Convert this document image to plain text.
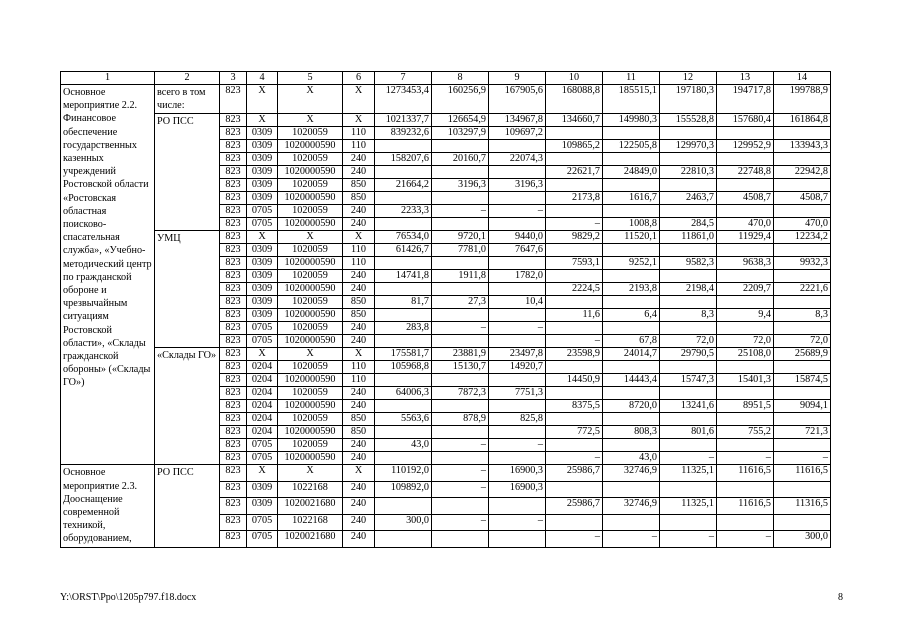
1	2	3	4	5	6	7	8	9	10	11	12	13	14
Основное мероприятие 2.2. Финансовое обеспечение государственных казенных учреждений Ростовской области «Ростовская областная поисково-спасательная служба», «Учебно-методический центр по гражданской обороне и чрезвычайным ситуациям Ростовской области», «Склады гражданской обороны» («Склады ГО»)	всего в том числе:	823	X	X	X	1273453,4	160256,9	167905,6	168088,8	185515,1	197180,3	194717,8	199788,9
	РО ПСС	823	X	X	X	1021337,7	126654,9	134967,8	134660,7	149980,3	155528,8	157680,4	161864,8
		823	0309	1020059	110	839232,6	103297,9	109697,2					
		823	0309	1020000590	110				109865,2	122505,8	129970,3	129952,9	133943,3
		823	0309	1020059	240	158207,6	20160,7	22074,3					
		823	0309	1020000590	240				22621,7	24849,0	22810,3	22748,8	22942,8
		823	0309	1020059	850	21664,2	3196,3	3196,3					
		823	0309	1020000590	850				2173,8	1616,7	2463,7	4508,7	4508,7
		823	0705	1020059	240	2233,3	–	–					
		823	0705	1020000590	240				–	1008,8	284,5	470,0	470,0
	УМЦ	823	X	X	X	76534,0	9720,1	9440,0	9829,2	11520,1	11861,0	11929,4	12234,2
		823	0309	1020059	110	61426,7	7781,0	7647,6					
		823	0309	1020000590	110				7593,1	9252,1	9582,3	9638,3	9932,3
		823	0309	1020059	240	14741,8	1911,8	1782,0					
		823	0309	1020000590	240				2224,5	2193,8	2198,4	2209,7	2221,6
		823	0309	1020059	850	81,7	27,3	10,4					
		823	0309	1020000590	850				11,6	6,4	8,3	9,4	8,3
		823	0705	1020059	240	283,8	–	–					
		823	0705	1020000590	240				–	67,8	72,0	72,0	72,0
	«Склады ГО»	823	X	X	X	175581,7	23881,9	23497,8	23598,9	24014,7	29790,5	25108,0	25689,9
		823	0204	1020059	110	105968,8	15130,7	14920,7					
		823	0204	1020000590	110				14450,9	14443,4	15747,3	15401,3	15874,5
		823	0204	1020059	240	64006,3	7872,3	7751,3					
		823	0204	1020000590	240				8375,5	8720,0	13241,6	8951,5	9094,1
		823	0204	1020059	850	5563,6	878,9	825,8					
		823	0204	1020000590	850				772,5	808,3	801,6	755,2	721,3
		823	0705	1020059	240	43,0	–	–					
		823	0705	1020000590	240				–	43,0	–	–	–
Основное мероприятие 2.3. Дооснащение современной техникой, оборудованием,	РО ПСС	823	X	X	X	110192,0	–	16900,3	25986,7	32746,9	11325,1	11616,5	11616,5
		823	0309	1022168	240	109892,0	–	16900,3					
		823	0309	1020021680	240				25986,7	32746,9	11325,1	11616,5	11316,5
		823	0705	1022168	240	300,0	–	–					
		823	0705	1020021680	240				–	–	–	–	300,0
Y:\ORST\Ppo\1205p797.f18.docx	8
